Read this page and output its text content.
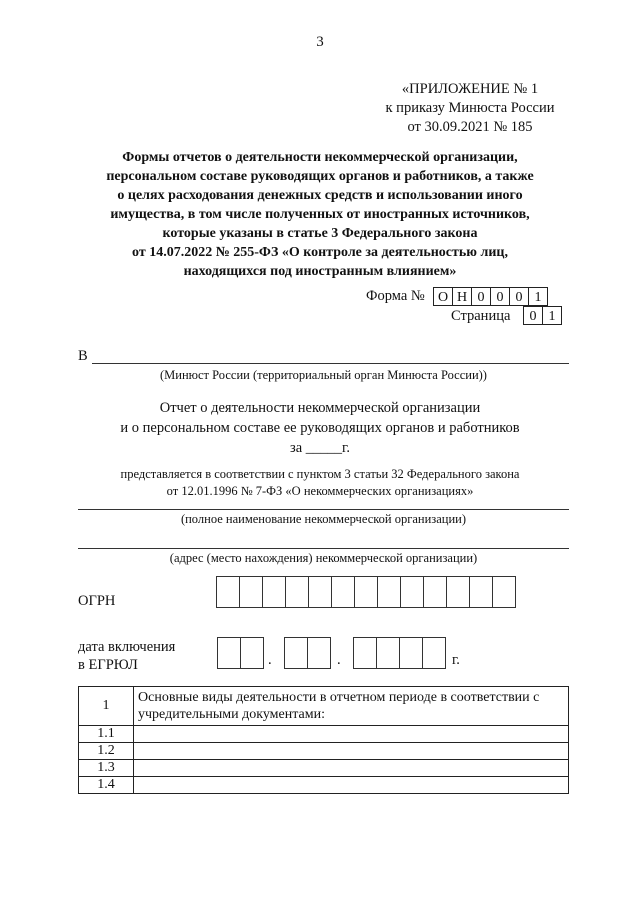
3
«ПРИЛОЖЕНИЕ № 1
к приказу Минюста России
от 30.09.2021 № 185
Формы отчетов о деятельности некоммерческой организации,
персональном составе руководящих органов и работников, а также
о целях расходования денежных средств и использовании иного
имущества, в том числе полученных от иностранных источников,
которые указаны в статье 3 Федерального закона
от 14.07.2022 № 255-ФЗ «О контроле за деятельностью лиц,
находящихся под иностранным влиянием»
Форма № О Н 0 0 0 1
Страница	0 1
В
(Минюст России (территориальный орган Минюста России))
Отчет о деятельности некоммерческой организации
и о персональном составе ее руководящих органов и работников
за _____г.
представляется в соответствии с пунктом 3 статьи 32 Федерального закона
от 12.01.1996 № 7-ФЗ «О некоммерческих организациях»
(полное наименование некоммерческой организации)
(адрес (место нахождения) некоммерческой организации)
ОГРН
дата включения
в ЕГРЮЛ	.	.	г.
1	Основные виды деятельности в отчетном периоде в соответствии с учредительными документами:
1.1	
1.2	
1.3	
1.4	
